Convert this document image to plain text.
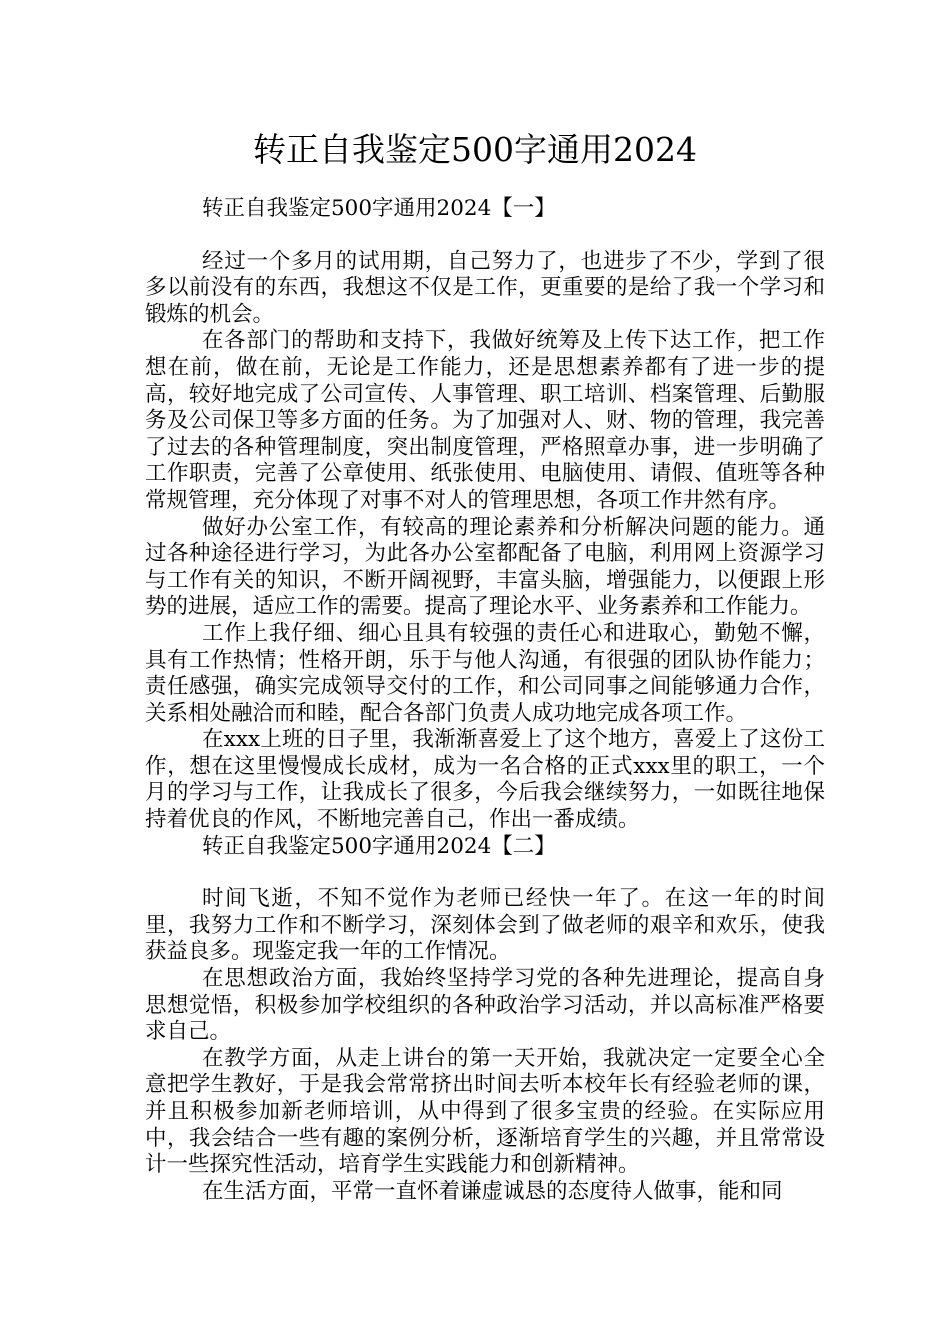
转正自我鉴定500字通用2024
转正自我鉴定500字通用2024【一】

经过一个多月的试用期，自己努力了，也进步了不少，学到了很多以前没有的东西，我想这不仅是工作，更重要的是给了我一个学习和锻炼的机会。

在各部门的帮助和支持下，我做好统筹及上传下达工作，把工作想在前，做在前，无论是工作能力，还是思想素养都有了进一步的提高，较好地完成了公司宣传、人事管理、职工培训、档案管理、后勤服务及公司保卫等多方面的任务。为了加强对人、财、物的管理，我完善了过去的各种管理制度，突出制度管理，严格照章办事，进一步明确了工作职责，完善了公章使用、纸张使用、电脑使用、请假、值班等各种常规管理，充分体现了对事不对人的管理思想，各项工作井然有序。

做好办公室工作，有较高的理论素养和分析解决问题的能力。通过各种途径进行学习，为此各办公室都配备了电脑，利用网上资源学习与工作有关的知识，不断开阔视野，丰富头脑，增强能力，以便跟上形势的进展，适应工作的需要。提高了理论水平、业务素养和工作能力。

工作上我仔细、细心且具有较强的责任心和进取心，勤勉不懈，具有工作热情；性格开朗，乐于与他人沟通，有很强的团队协作能力；责任感强，确实完成领导交付的工作，和公司同事之间能够通力合作，关系相处融洽而和睦，配合各部门负责人成功地完成各项工作。

在xxx上班的日子里，我渐渐喜爱上了这个地方，喜爱上了这份工作，想在这里慢慢成长成材，成为一名合格的正式xxx里的职工，一个月的学习与工作，让我成长了很多，今后我会继续努力，一如既往地保持着优良的作风，不断地完善自己，作出一番成绩。

转正自我鉴定500字通用2024【二】

时间飞逝，不知不觉作为老师已经快一年了。在这一年的时间里，我努力工作和不断学习，深刻体会到了做老师的艰辛和欢乐，使我获益良多。现鉴定我一年的工作情况。

在思想政治方面，我始终坚持学习党的各种先进理论，提高自身思想觉悟，积极参加学校组织的各种政治学习活动，并以高标准严格要求自己。

在教学方面，从走上讲台的第一天开始，我就决定一定要全心全意把学生教好，于是我会常常挤出时间去听本校年长有经验老师的课，并且积极参加新老师培训，从中得到了很多宝贵的经验。在实际应用中，我会结合一些有趣的案例分析，逐渐培育学生的兴趣，并且常常设计一些探究性活动，培育学生实践能力和创新精神。

在生活方面，平常一直怀着谦虚诚恳的态度待人做事，能和同
